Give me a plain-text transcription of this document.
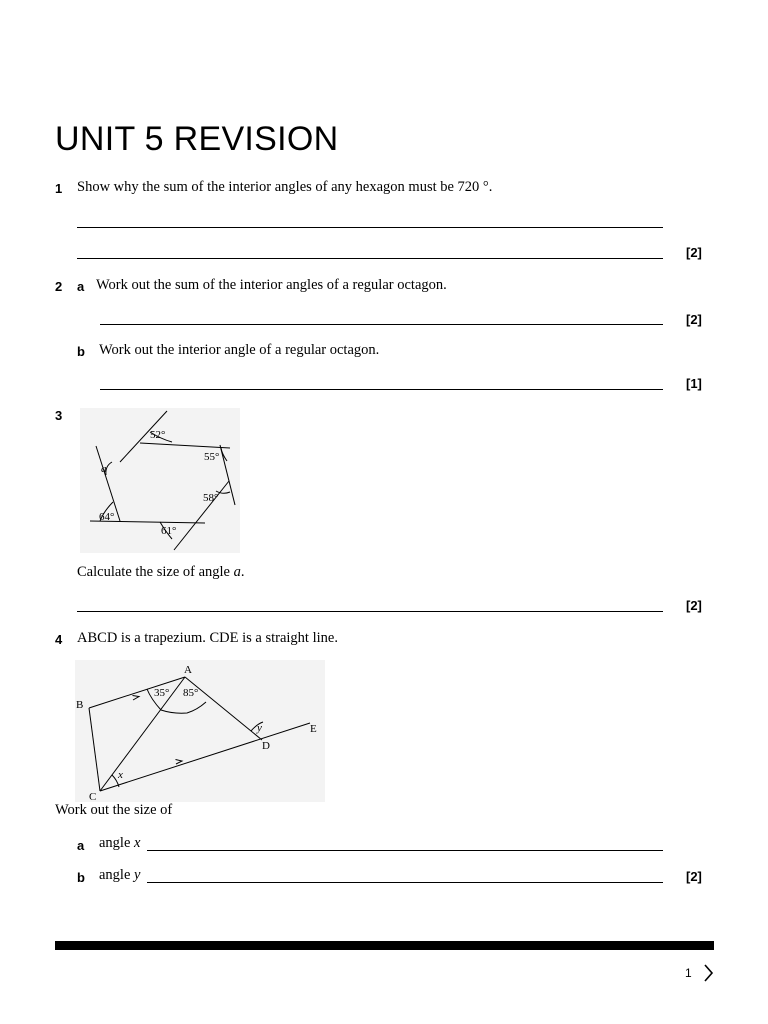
UNIT 5 REVISION
1 Show why the sum of the interior angles of any hexagon must be 720 °.
[2]
2 a Work out the sum of the interior angles of a regular octagon.
[2]
b Work out the interior angle of a regular octagon.
[1]
3
52°
55°
58°
61°
64°
a
Calculate the size of angle a.
[2]
4 ABCD is a trapezium. CDE is a straight line.
A
B
C
D
E
35° 85°
x
y
Work out the size of
a angle x
b angle y	[2]
1
